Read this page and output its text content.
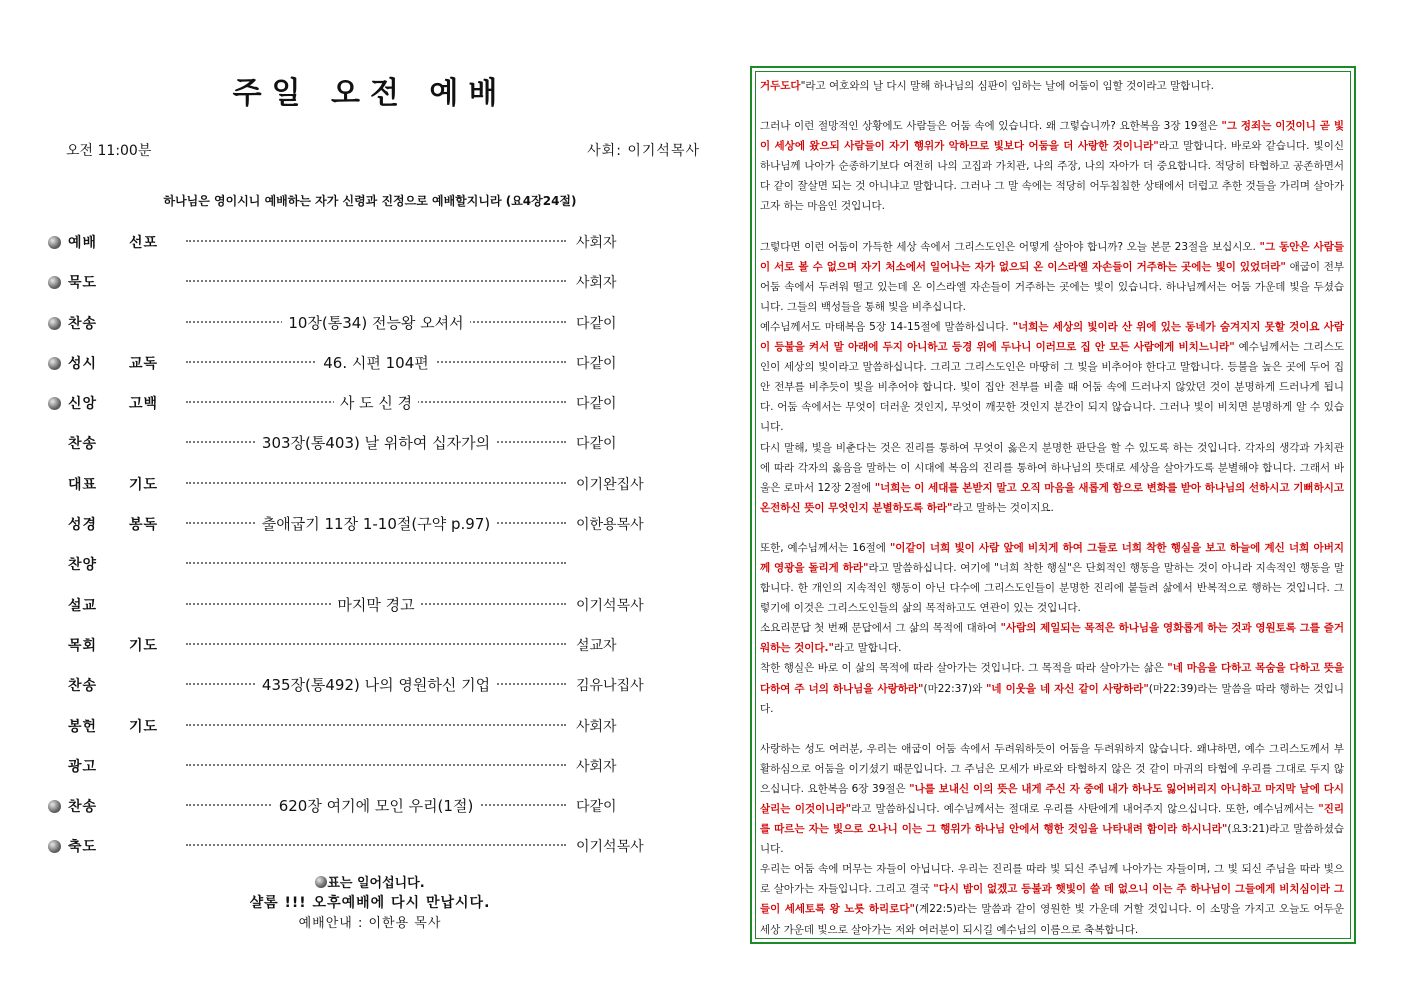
주일 오전 예배
오전 11:00분	사회: 이기석목사
하나님은 영이시니 예배하는 자가 신령과 진정으로 예배할지니라 (요4장24절)
예배 선포	사회자
묵도	사회자
찬송	10장(통34) 전능왕 오셔서	다같이
성시 교독	46. 시편 104편	다같이
신앙 고백	사 도 신 경	다같이
찬송	303장(통403) 날 위하여 십자가의	다같이
대표 기도	이기완집사
성경 봉독	출애굽기 11장 1-10절(구약 p.97)	이한용목사
찬양
설교	마지막 경고	이기석목사
목회 기도	설교자
찬송	435장(통492) 나의 영원하신 기업	김유나집사
봉헌 기도	사회자
광고	사회자
찬송	620장 여기에 모인 우리(1절)	다같이
축도	이기석목사
표는 일어섭니다.
샬롬 !!! 오후예배에 다시 만납시다.
예배안내 : 이한용 목사

거두도다"라고 여호와의 날 다시 말해 하나님의 심판이 임하는 날에 어둠이 임할 것이라고 말합니다.

그러나 이런 절망적인 상황에도 사람들은 어둠 속에 있습니다. 왜 그렇습니까? 요한복음 3장 19절은 "그 정죄는 이것이니 곧 빛이 세상에 왔으되 사람들이 자기 행위가 악하므로 빛보다 어둠을 더 사랑한 것이니라"라고 말합니다. 바로와 같습니다. 빛이신 하나님께 나아가 순종하기보다 여전히 나의 고집과 가치관, 나의 주장, 나의 자아가 더 중요합니다. 적당히 타협하고 공존하면서 다 같이 잘살면 되는 것 아니냐고 말합니다. 그러나 그 말 속에는 적당히 어두침침한 상태에서 더럽고 추한 것들을 가리며 살아가고자 하는 마음인 것입니다.

그렇다면 이런 어둠이 가득한 세상 속에서 그리스도인은 어떻게 살아야 합니까? 오늘 본문 23절을 보십시오. "그 동안은 사람들이 서로 볼 수 없으며 자기 처소에서 일어나는 자가 없으되 온 이스라엘 자손들이 거주하는 곳에는 빛이 있었더라" 애굽이 전부 어둠 속에서 두려워 떨고 있는데 온 이스라엘 자손들이 거주하는 곳에는 빛이 있습니다. 하나님께서는 어둠 가운데 빛을 두셨습니다. 그들의 백성들을 통해 빛을 비추십니다.

예수님께서도 마태복음 5장 14-15절에 말씀하십니다. "너희는 세상의 빛이라 산 위에 있는 동네가 숨겨지지 못할 것이요 사람이 등불을 켜서 말 아래에 두지 아니하고 등경 위에 두나니 이러므로 집 안 모든 사람에게 비치느니라" 예수님께서는 그리스도인이 세상의 빛이라고 말씀하십니다. 그리고 그리스도인은 마땅히 그 빛을 비추어야 한다고 말합니다. 등불을 높은 곳에 두어 집안 전부를 비추듯이 빛을 비추어야 합니다. 빛이 집안 전부를 비출 때 어둠 속에 드러나지 않았던 것이 분명하게 드러나게 됩니다. 어둠 속에서는 무엇이 더러운 것인지, 무엇이 깨끗한 것인지 분간이 되지 않습니다. 그러나 빛이 비치면 분명하게 알 수 있습니다.

다시 말해, 빛을 비춘다는 것은 진리를 통하여 무엇이 옳은지 분명한 판단을 할 수 있도록 하는 것입니다. 각자의 생각과 가치관에 따라 각자의 옳음을 말하는 이 시대에 복음의 진리를 통하여 하나님의 뜻대로 세상을 살아가도록 분별해야 합니다. 그래서 바울은 로마서 12장 2절에 "너희는 이 세대를 본받지 말고 오직 마음을 새롭게 함으로 변화를 받아 하나님의 선하시고 기뻐하시고 온전하신 뜻이 무엇인지 분별하도록 하라"라고 말하는 것이지요.

또한, 예수님께서는 16절에 "이같이 너희 빛이 사람 앞에 비치게 하여 그들로 너희 착한 행실을 보고 하늘에 계신 너희 아버지께 영광을 돌리게 하라"라고 말씀하십니다. 여기에 "너희 착한 행실"은 단회적인 행동을 말하는 것이 아니라 지속적인 행동을 말합니다. 한 개인의 지속적인 행동이 아닌 다수에 그리스도인들이 분명한 진리에 붙들려 삶에서 반복적으로 행하는 것입니다. 그렇기에 이것은 그리스도인들의 삶의 목적하고도 연관이 있는 것입니다.

소요리문답 첫 번째 문답에서 그 삶의 목적에 대하여 "사람의 제일되는 목적은 하나님을 영화롭게 하는 것과 영원토록 그를 즐거워하는 것이다."라고 말합니다.

착한 행실은 바로 이 삶의 목적에 따라 살아가는 것입니다. 그 목적을 따라 살아가는 삶은 "네 마음을 다하고 목숨을 다하고 뜻을 다하여 주 너의 하나님을 사랑하라"(마22:37)와 "네 이웃을 네 자신 같이 사랑하라"(마22:39)라는 말씀을 따라 행하는 것입니다.

사랑하는 성도 여러분, 우리는 애굽이 어둠 속에서 두려워하듯이 어둠을 두려워하지 않습니다. 왜냐하면, 예수 그리스도께서 부활하심으로 어둠을 이기셨기 때문입니다. 그 주님은 모세가 바로와 타협하지 않은 것 같이 마귀의 타협에 우리를 그대로 두지 않으십니다. 요한복음 6장 39절은 "나를 보내신 이의 뜻은 내게 주신 자 중에 내가 하나도 잃어버리지 아니하고 마지막 날에 다시 살리는 이것이니라"라고 말씀하십니다. 예수님께서는 절대로 우리를 사탄에게 내어주지 않으십니다. 또한, 예수님께서는 "진리를 따르는 자는 빛으로 오나니 이는 그 행위가 하나님 안에서 행한 것임을 나타내려 함이라 하시니라"(요3:21)라고 말씀하셨습니다.

우리는 어둠 속에 머무는 자들이 아닙니다. 우리는 진리를 따라 빛 되신 주님께 나아가는 자들이며, 그 빛 되신 주님을 따라 빛으로 살아가는 자들입니다. 그리고 결국 "다시 밤이 없겠고 등불과 햇빛이 쓸 데 없으니 이는 주 하나님이 그들에게 비치심이라 그들이 세세토록 왕 노릇 하리로다"(계22:5)라는 말씀과 같이 영원한 빛 가운데 거할 것입니다. 이 소망을 가지고 오늘도 어두운 세상 가운데 빛으로 살아가는 저와 여러분이 되시길 예수님의 이름으로 축복합니다.
